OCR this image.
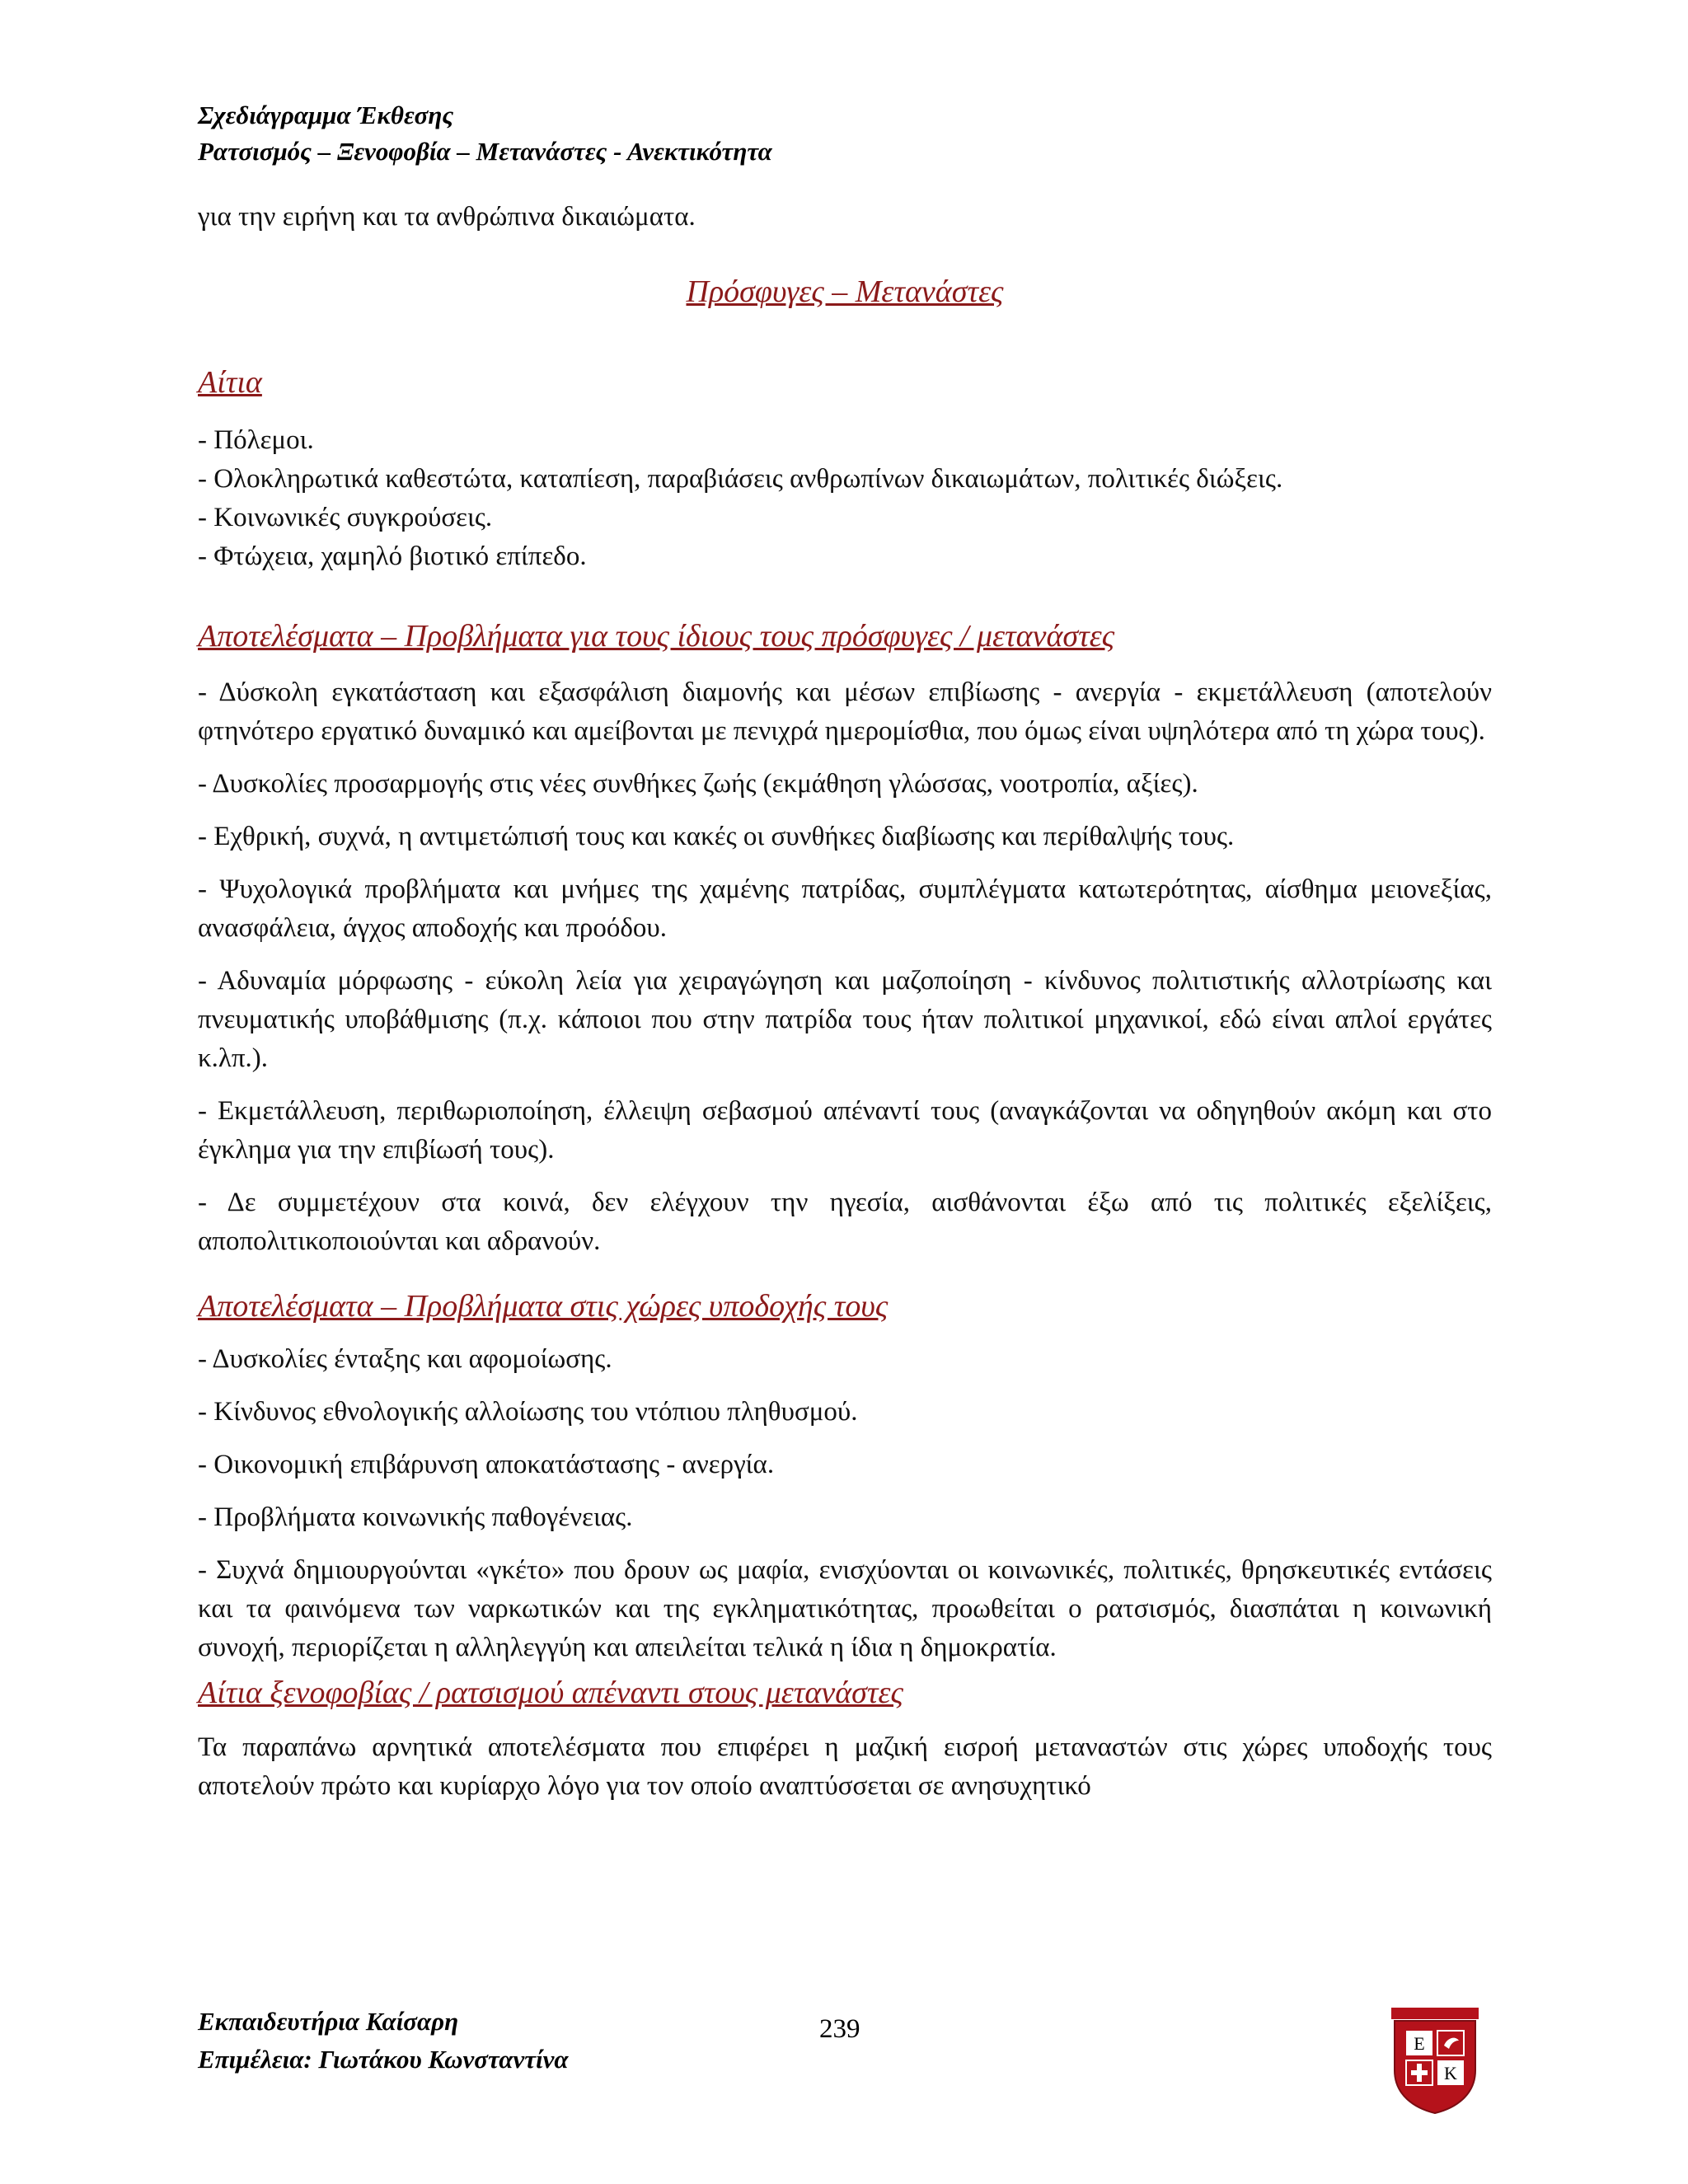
Σχεδιάγραμμα Έκθεσης
Ρατσισμός – Ξενοφοβία – Μετανάστες - Ανεκτικότητα

για την ειρήνη και τα ανθρώπινα δικαιώματα.

Πρόσφυγες – Μετανάστες
Αίτια

- Πόλεμοι.

- Ολοκληρωτικά καθεστώτα, καταπίεση, παραβιάσεις ανθρωπίνων δικαιωμάτων, πολιτικές διώξεις.

- Κοινωνικές συγκρούσεις.

- Φτώχεια, χαμηλό βιοτικό επίπεδο.

Αποτελέσματα – Προβλήματα για τους ίδιους τους πρόσφυγες / μετανάστες

- Δύσκολη εγκατάσταση και εξασφάλιση διαμονής και μέσων επιβίωσης - ανεργία - εκμετάλλευση (αποτελούν φτηνότερο εργατικό δυναμικό και αμείβονται με πενιχρά ημερομίσθια, που όμως είναι υψηλότερα από τη χώρα τους).

- Δυσκολίες προσαρμογής στις νέες συνθήκες ζωής (εκμάθηση γλώσσας, νοοτροπία, αξίες).

- Εχθρική, συχνά, η αντιμετώπισή τους και κακές οι συνθήκες διαβίωσης και περίθαλψής τους.

- Ψυχολογικά προβλήματα και μνήμες της χαμένης πατρίδας, συμπλέγματα κατωτερότητας, αίσθημα μειονεξίας, ανασφάλεια, άγχος αποδοχής και προόδου.

- Αδυναμία μόρφωσης - εύκολη λεία για χειραγώγηση και μαζοποίηση - κίνδυνος πολιτιστικής αλλοτρίωσης και πνευματικής υποβάθμισης (π.χ. κάποιοι που στην πατρίδα τους ήταν πολιτικοί μηχανικοί, εδώ είναι απλοί εργάτες κ.λπ.).

- Εκμετάλλευση, περιθωριοποίηση, έλλειψη σεβασμού απέναντί τους (αναγκάζονται να οδηγηθούν ακόμη και στο έγκλημα για την επιβίωσή τους).

- Δε συμμετέχουν στα κοινά, δεν ελέγχουν την ηγεσία, αισθάνονται έξω από τις πολιτικές εξελίξεις, αποπολιτικοποιούνται και αδρανούν.

Αποτελέσματα – Προβλήματα στις χώρες υποδοχής τους

- Δυσκολίες ένταξης και αφομοίωσης.

- Κίνδυνος εθνολογικής αλλοίωσης του ντόπιου πληθυσμού.

- Οικονομική επιβάρυνση αποκατάστασης - ανεργία.

- Προβλήματα κοινωνικής παθογένειας.

- Συχνά δημιουργούνται «γκέτο» που δρουν ως μαφία, ενισχύονται οι κοινωνικές, πολιτικές, θρησκευτικές εντάσεις και τα φαινόμενα των ναρκωτικών και της εγκληματικότητας, προωθείται ο ρατσισμός, διασπάται η κοινωνική συνοχή, περιορίζεται η αλληλεγγύη και απειλείται τελικά η ίδια η δημοκρατία.

Αίτια ξενοφοβίας / ρατσισμού απέναντι στους μετανάστες

Τα παραπάνω αρνητικά αποτελέσματα που επιφέρει η μαζική εισροή μεταναστών στις χώρες υποδοχής τους αποτελούν πρώτο και κυρίαρχο λόγο για τον οποίο αναπτύσσεται σε ανησυχητικό

Εκπαιδευτήρια Καίσαρη
Επιμέλεια: Γιωτάκου Κωνσταντίνα
239	Ε
Κ
